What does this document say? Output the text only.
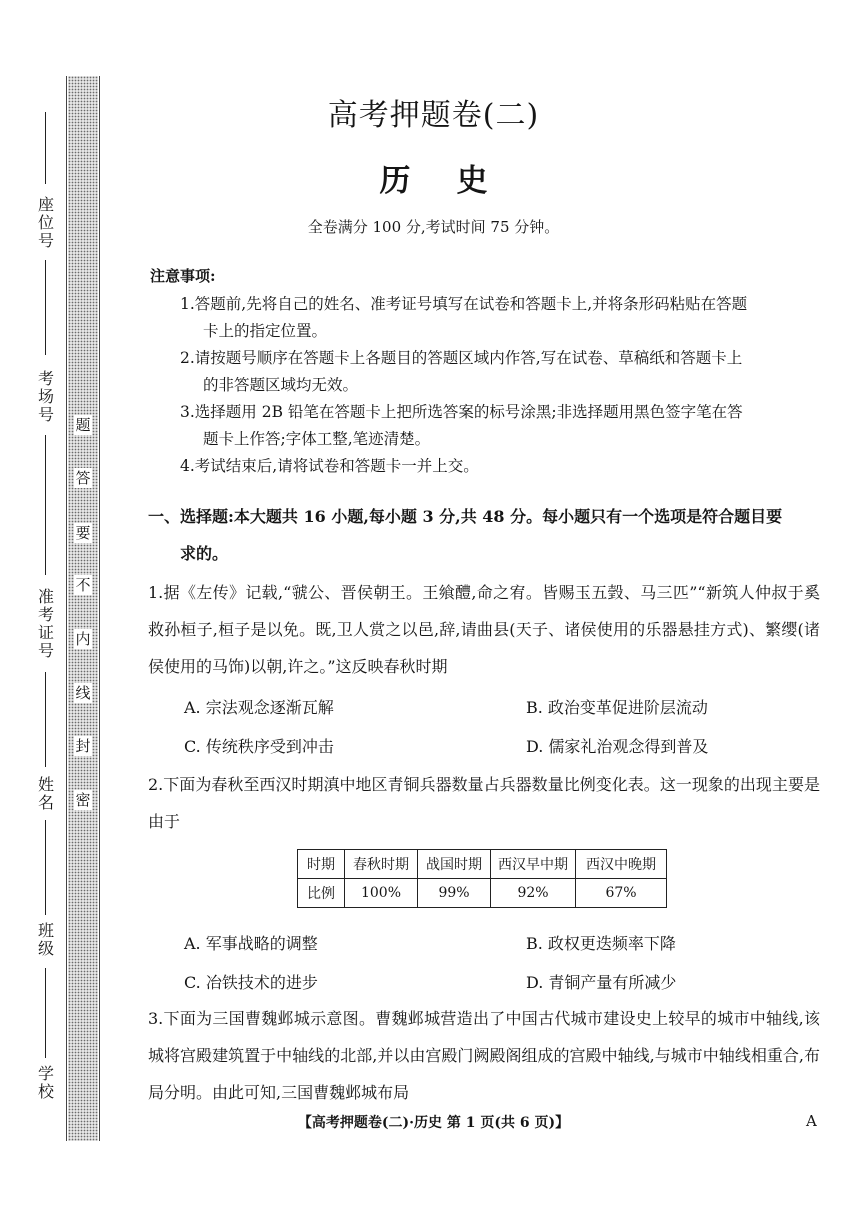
座位号
考场号
准考证号
姓名
班级
学校
题
答
要
不
内
线
封
密
高考押题卷(二)
历史
全卷满分 100 分,考试时间 75 分钟。
注意事项:
1.答题前,先将自己的姓名、准考证号填写在试卷和答题卡上,并将条形码粘贴在答题
卡上的指定位置。
2.请按题号顺序在答题卡上各题目的答题区域内作答,写在试卷、草稿纸和答题卡上
的非答题区域均无效。
3.选择题用 2B 铅笔在答题卡上把所选答案的标号涂黑;非选择题用黑色签字笔在答
题卡上作答;字体工整,笔迹清楚。
4.考试结束后,请将试卷和答题卡一并上交。
一、选择题:本大题共 16 小题,每小题 3 分,共 48 分。每小题只有一个选项是符合题目要
求的。
1.据《左传》记载,“虢公、晋侯朝王。王飨醴,命之宥。皆赐玉五瑴、马三匹”“新筑人仲叔于奚救孙桓子,桓子是以免。既,卫人赏之以邑,辞,请曲县(天子、诸侯使用的乐器悬挂方式)、繁缨(诸侯使用的马饰)以朝,许之。”这反映春秋时期
A. 宗法观念逐渐瓦解	B. 政治变革促进阶层流动
C. 传统秩序受到冲击	D. 儒家礼治观念得到普及
2.下面为春秋至西汉时期滇中地区青铜兵器数量占兵器数量比例变化表。这一现象的出现主要是由于
时期	春秋时期	战国时期	西汉早中期	西汉中晚期
比例	100%	99%	92%	67%
A. 军事战略的调整	B. 政权更迭频率下降
C. 冶铁技术的进步	D. 青铜产量有所减少
3.下面为三国曹魏邺城示意图。曹魏邺城营造出了中国古代城市建设史上较早的城市中轴线,该城将宫殿建筑置于中轴线的北部,并以由宫殿门阙殿阁组成的宫殿中轴线,与城市中轴线相重合,布局分明。由此可知,三国曹魏邺城布局
【高考押题卷(二)·历史 第 1 页(共 6 页)】	A
